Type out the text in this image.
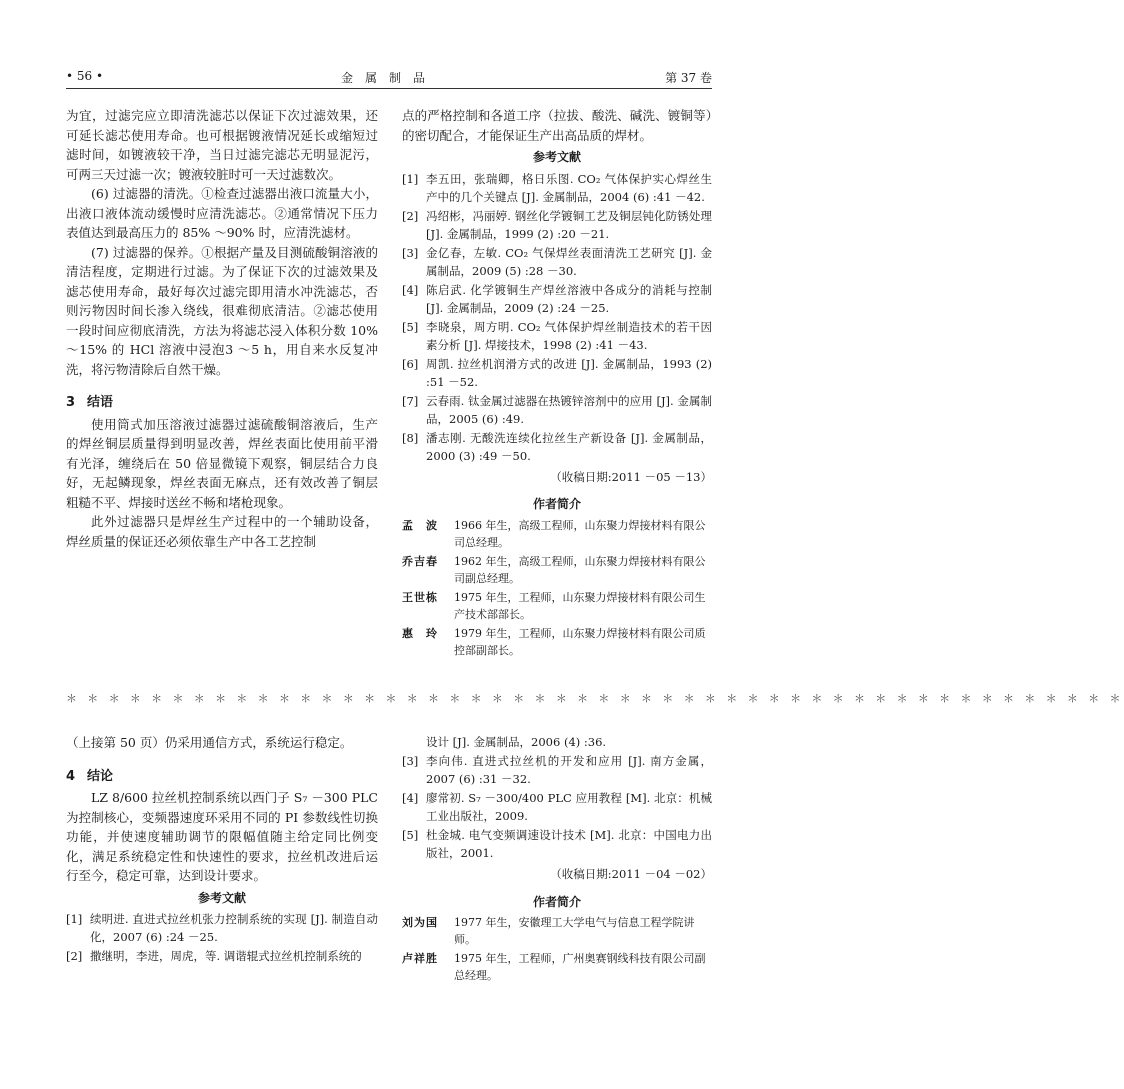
• 56 •	金属制品	第 37 卷

为宜，过滤完应立即清洗滤芯以保证下次过滤效果，还可延长滤芯使用寿命。也可根据镀液情况延长或缩短过滤时间，如镀液较干净，当日过滤完滤芯无明显泥污，可两三天过滤一次；镀液较脏时可一天过滤数次。

(6) 过滤器的清洗。①检查过滤器出液口流量大小，出液口液体流动缓慢时应清洗滤芯。②通常情况下压力表值达到最高压力的 85% ～90% 时，应清洗滤材。

(7) 过滤器的保养。①根据产量及目测硫酸铜溶液的清洁程度，定期进行过滤。为了保证下次的过滤效果及滤芯使用寿命，最好每次过滤完即用清水冲洗滤芯，否则污物因时间长渗入绕线，很难彻底清洁。②滤芯使用一段时间应彻底清洗，方法为将滤芯浸入体积分数 10% ～15% 的 HCl 溶液中浸泡3 ～5 h，用自来水反复冲洗，将污物清除后自然干燥。

3 结语

使用筒式加压溶液过滤器过滤硫酸铜溶液后，生产的焊丝铜层质量得到明显改善，焊丝表面比使用前平滑有光泽，缠绕后在 50 倍显微镜下观察，铜层结合力良好，无起鳞现象，焊丝表面无麻点，还有效改善了铜层粗糙不平、焊接时送丝不畅和堵枪现象。

此外过滤器只是焊丝生产过程中的一个辅助设备，焊丝质量的保证还必须依靠生产中各工艺控制

点的严格控制和各道工序（拉拔、酸洗、碱洗、镀铜等）的密切配合，才能保证生产出高品质的焊材。

参考文献
[1] 李五田，张瑞卿，格日乐图. CO₂ 气体保护实心焊丝生产中的几个关键点 [J]. 金属制品，2004 (6) :41 －42.
[2] 冯绍彬，冯丽婷. 钢丝化学镀铜工艺及铜层钝化防锈处理 [J]. 金属制品，1999 (2) :20 －21.
[3] 金亿春，左敏. CO₂ 气保焊丝表面清洗工艺研究 [J]. 金属制品，2009 (5) :28 －30.
[4] 陈启武. 化学镀铜生产焊丝溶液中各成分的消耗与控制 [J]. 金属制品，2009 (2) :24 －25.
[5] 李晓泉，周方明. CO₂ 气体保护焊丝制造技术的若干因素分析 [J]. 焊接技术，1998 (2) :41 －43.
[6] 周凯. 拉丝机润滑方式的改进 [J]. 金属制品，1993 (2) :51 －52.
[7] 云春雨. 钛金属过滤器在热镀锌溶剂中的应用 [J]. 金属制品，2005 (6) :49.
[8] 潘志刚. 无酸洗连续化拉丝生产新设备 [J]. 金属制品，2000 (3) :49 －50.
（收稿日期:2011 －05 －13）
作者简介
孟　波	1966 年生，高级工程师，山东聚力焊接材料有限公司总经理。
乔吉春	1962 年生，高级工程师，山东聚力焊接材料有限公司副总经理。
王世栋	1975 年生，工程师，山东聚力焊接材料有限公司生产技术部部长。
惠　玲	1979 年生，工程师，山东聚力焊接材料有限公司质控部副部长。
＊ ＊ ＊ ＊ ＊ ＊ ＊ ＊ ＊ ＊ ＊ ＊ ＊ ＊ ＊ ＊ ＊ ＊ ＊ ＊ ＊ ＊ ＊ ＊ ＊ ＊ ＊ ＊ ＊ ＊ ＊ ＊ ＊ ＊ ＊ ＊ ＊ ＊ ＊ ＊ ＊ ＊ ＊ ＊ ＊ ＊ ＊ ＊ ＊ ＊

（上接第 50 页）仍采用通信方式，系统运行稳定。

4 结论

LZ 8/600 拉丝机控制系统以西门子 S₇ －300 PLC 为控制核心，变频器速度环采用不同的 PI 参数线性切换功能，并使速度辅助调节的限幅值随主给定同比例变化，满足系统稳定性和快速性的要求，拉丝机改进后运行至今，稳定可靠，达到设计要求。

参考文献
[1] 续明进. 直进式拉丝机张力控制系统的实现 [J]. 制造自动化，2007 (6) :24 －25.
[2] 撒继明，李进，周虎，等. 调谐辊式拉丝机控制系统的
设计 [J]. 金属制品，2006 (4) :36.
[3] 李向伟. 直进式拉丝机的开发和应用 [J]. 南方金属，2007 (6) :31 －32.
[4] 廖常初. S₇ －300/400 PLC 应用教程 [M]. 北京：机械工业出版社，2009.
[5] 杜金城. 电气变频调速设计技术 [M]. 北京：中国电力出版社，2001.
（收稿日期:2011 －04 －02）
作者简介
刘为国	1977 年生，安徽理工大学电气与信息工程学院讲师。
卢祥胜	1975 年生，工程师，广州奥赛钢线科技有限公司副总经理。
